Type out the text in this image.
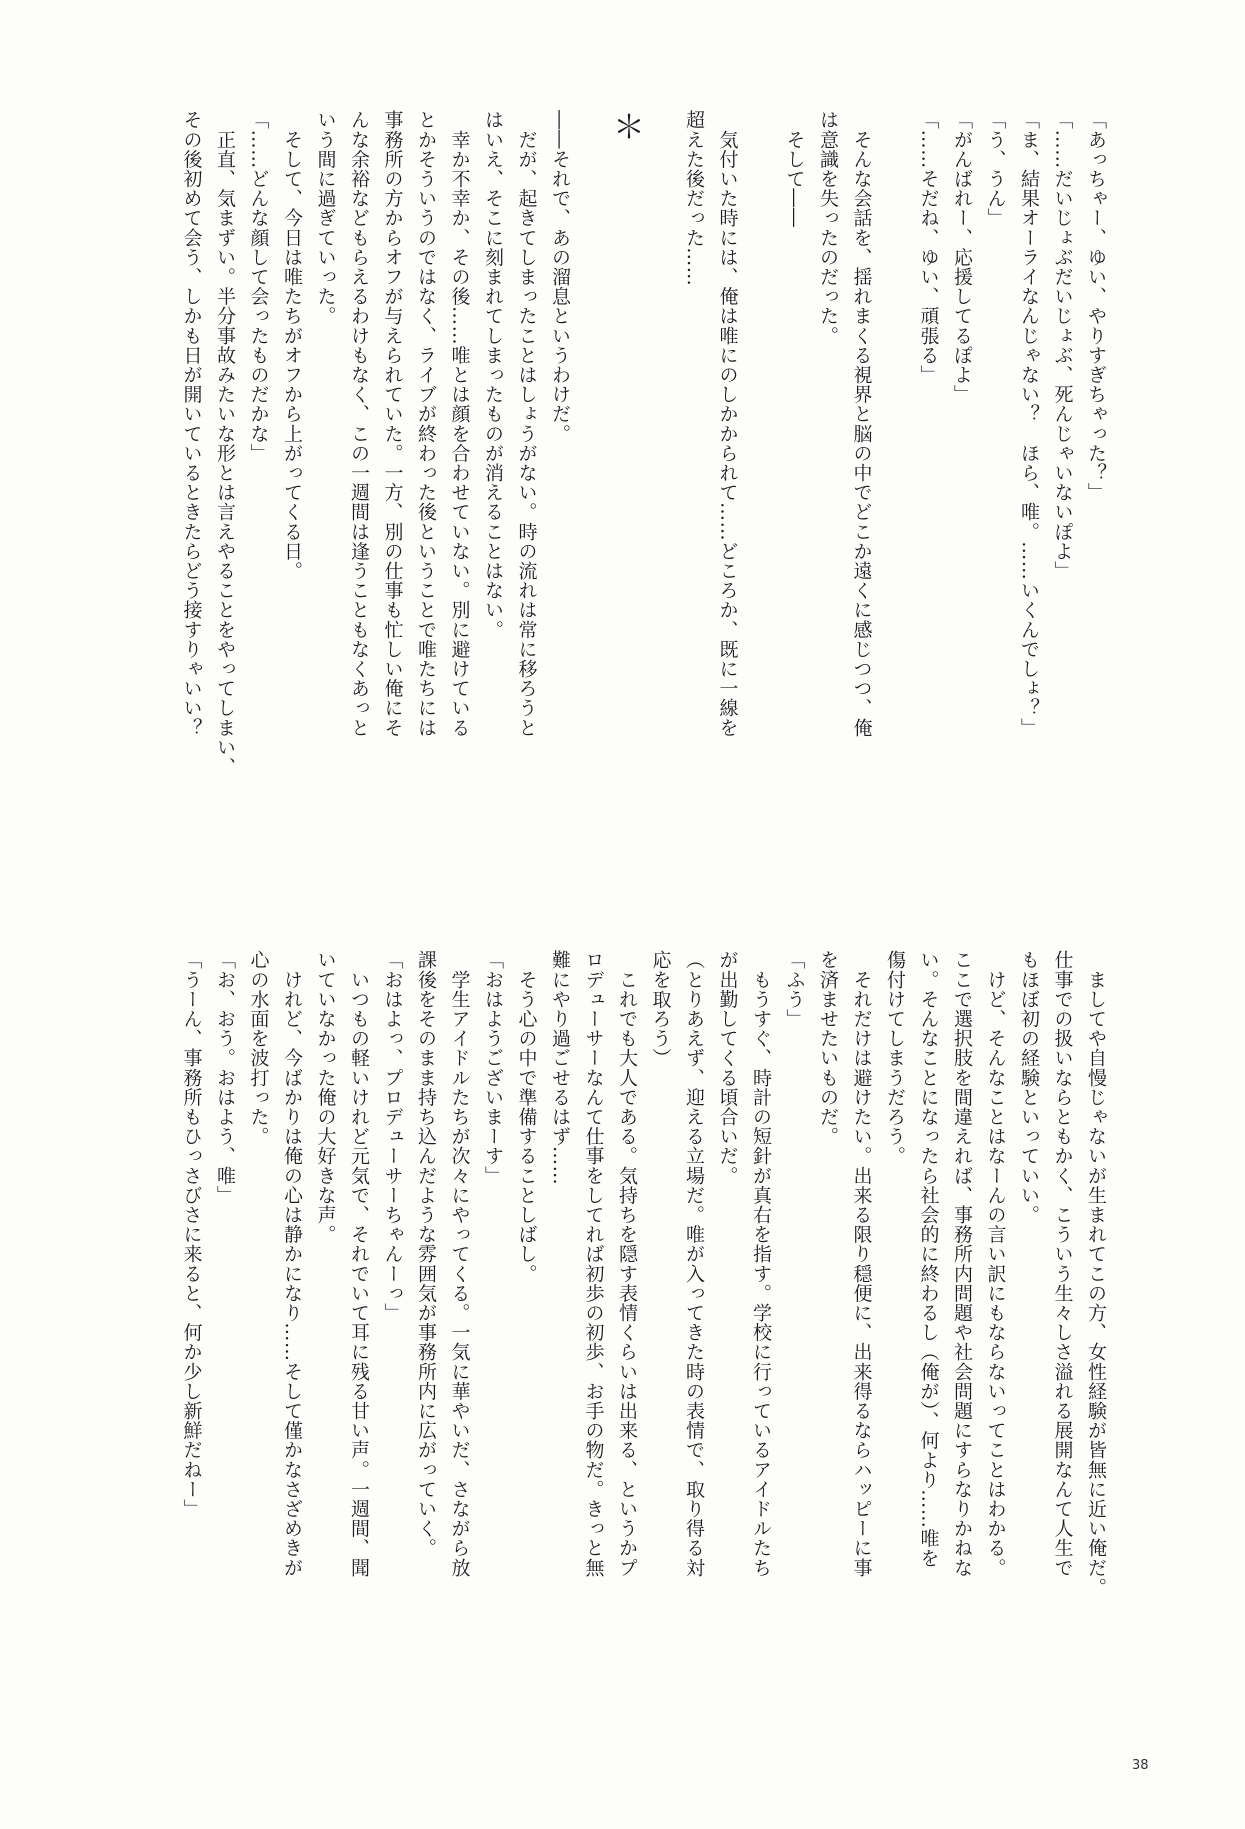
「あっちゃー、ゆい、やりすぎちゃった？」

「……だいじょぶだいじょぶ、死んじゃいないぽよ」

「ま、結果オーライなんじゃない？　ほら、唯。……いくんでしょ？」

「う、うん」

「がんばれー、応援してるぽよ」

「……そだね、ゆい、頑張る」

　そんな会話を、揺れまくる視界と脳の中でどこか遠くに感じつつ、俺

は意識を失ったのだった。

　そして――

　気付いた時には、俺は唯にのしかかられて……どころか、既に一線を

超えた後だった……

＊

――それで、あの溜息というわけだ。

　だが、起きてしまったことはしょうがない。時の流れは常に移ろうと

はいえ、そこに刻まれてしまったものが消えることはない。

　幸か不幸か、その後……唯とは顔を合わせていない。別に避けている

とかそういうのではなく、ライブが終わった後ということで唯たちには

事務所の方からオフが与えられていた。一方、別の仕事も忙しい俺にそ

んな余裕などもらえるわけもなく、この一週間は逢うこともなくあっと

いう間に過ぎていった。

　そして、今日は唯たちがオフから上がってくる日。

「……どんな顔して会ったものだかな」

　正直、気まずい。半分事故みたいな形とは言えやることをやってしまい、

その後初めて会う、しかも日が開いているときたらどう接すりゃいい？

　ましてや自慢じゃないが生まれてこの方、女性経験が皆無に近い俺だ。

仕事での扱いならともかく、こういう生々しさ溢れる展開なんて人生で

もほぼ初の経験といっていい。

　けど、そんなことはなーんの言い訳にもならないってことはわかる。

ここで選択肢を間違えれば、事務所内問題や社会問題にすらなりかねな

い。そんなことになったら社会的に終わるし（俺が）、何より……唯を

傷付けてしまうだろう。

　それだけは避けたい。出来る限り穏便に、出来得るならハッピーに事

を済ませたいものだ。

「ふう」

　もうすぐ、時計の短針が真右を指す。学校に行っているアイドルたち

が出勤してくる頃合いだ。

（とりあえず、迎える立場だ。唯が入ってきた時の表情で、取り得る対

応を取ろう）

　これでも大人である。気持ちを隠す表情くらいは出来る、というかプ

ロデューサーなんて仕事をしてれば初歩の初歩、お手の物だ。きっと無

難にやり過ごせるはず……

　そう心の中で準備することしばし。

「おはようございまーす」

　学生アイドルたちが次々にやってくる。一気に華やいだ、さながら放

課後をそのまま持ち込んだような雰囲気が事務所内に広がっていく。

「おはよっ、プロデューサーちゃんーっ」

　いつもの軽いけれど元気で、それでいて耳に残る甘い声。一週間、聞

いていなかった俺の大好きな声。

　けれど、今ばかりは俺の心は静かになり……そして僅かなさざめきが

心の水面を波打った。

「お、おう。おはよう、唯」

「うーん、事務所もひっさびさに来ると、何か少し新鮮だねー」

38
